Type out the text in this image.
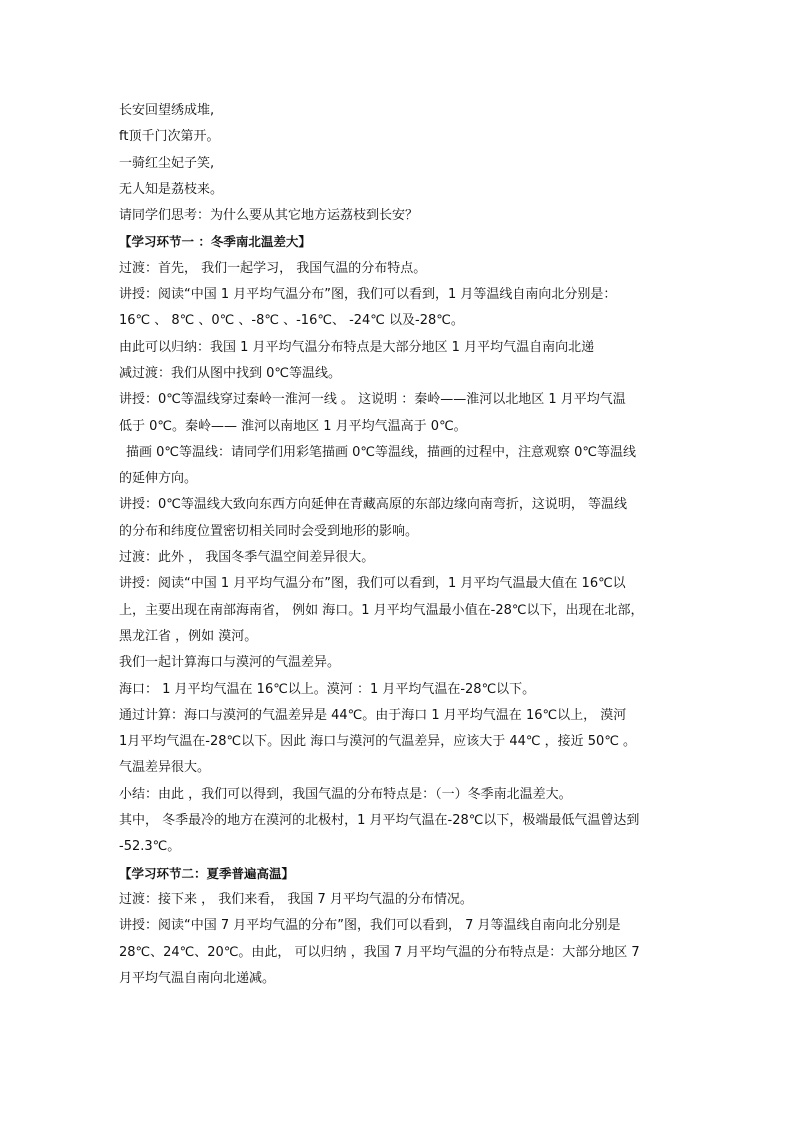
长安回望绣成堆,
ft顶千门次第开。
一骑红尘妃子笑,
无人知是荔枝来。
请同学们思考：为什么要从其它地方运荔枝到长安？
【学习环节一 ：冬季南北温差大】
过渡：首先， 我们一起学习， 我国气温的分布特点。
讲授：阅读“中国 1 月平均气温分布”图，我们可以看到，1 月等温线自南向北分别是：
16℃ 、 8℃ 、0℃ 、-8℃ 、-16℃、 -24℃ 以及-28℃。
由此可以归纳：我国 1 月平均气温分布特点是大部分地区 1 月平均气温自南向北递
减过渡：我们从图中找到 0℃等温线。
讲授：0℃等温线穿过秦岭一淮河一线 。 这说明 ：秦岭——淮河以北地区 1 月平均气温
低于 0℃。秦岭—— 淮河以南地区 1 月平均气温高于 0℃。
描画 0℃等温线：请同学们用彩笔描画 0℃等温线，描画的过程中，注意观察 0℃等温线
的延伸方向。
讲授：0℃等温线大致向东西方向延伸在青藏高原的东部边缘向南弯折，这说明， 等温线
的分布和纬度位置密切相关同时会受到地形的影响。
过渡：此外 ， 我国冬季气温空间差异很大。
讲授：阅读“中国 1 月平均气温分布”图，我们可以看到，1 月平均气温最大值在 16℃以
上，主要出现在南部海南省， 例如 海口。1 月平均气温最小值在-28℃以下，出现在北部，
黑龙江省 ，例如 漠河。
我们一起计算海口与漠河的气温差异。
海口： 1 月平均气温在 16℃以上。漠河 ：1 月平均气温在-28℃以下。
通过计算：海口与漠河的气温差异是 44℃。由于海口 1 月平均气温在 16℃以上， 漠河
1月平均气温在-28℃以下。因此 海口与漠河的气温差异，应该大于 44℃ ，接近 50℃ 。
气温差异很大。
小结：由此 ，我们可以得到，我国气温的分布特点是：（一）冬季南北温差大。
其中， 冬季最冷的地方在漠河的北极村，1 月平均气温在-28℃以下，极端最低气温曾达到
-52.3℃。
【学习环节二：夏季普遍高温】
过渡：接下来 ， 我们来看， 我国 7 月平均气温的分布情况。
讲授：阅读“中国 7 月平均气温的分布”图，我们可以看到， 7 月等温线自南向北分别是
28℃、24℃、20℃。由此， 可以归纳 ，我国 7 月平均气温的分布特点是：大部分地区 7
月平均气温自南向北递减。
